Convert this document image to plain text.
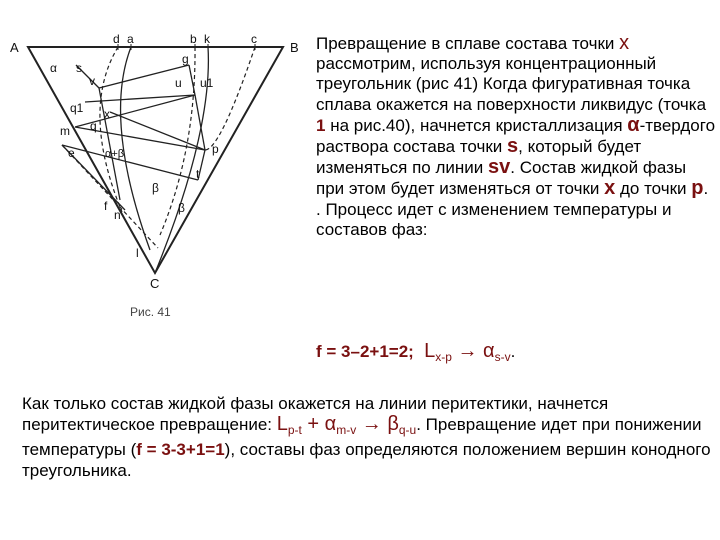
A	B
C
d a	b k	c
α s
v
g
u u1
q1 x
m q
e	α+β	p
t
β
f
n	β
l
Рис. 41

Превращение в сплаве состава точки x рассмотрим, используя концентрационный треугольник (рис 41) Когда фигуративная точка сплава окажется на поверхности ликвидус (точка 1 на рис.40), начнется кристаллизация α-твердого раствора состава точки s, который будет изменяться по линии sv. Состав жидкой фазы при этом будет изменяться от точки x до точки p. . Процесс идет с изменением температуры и составов фаз:

f = 3–2+1=2; $L_{x-p} \to \alpha_{s-v}$.

Как только состав жидкой фазы окажется на линии перитектики, начнется перитектическое превращение: $L_{p-t} + \alpha_{m-v} \to \beta_{q-u}$. Превращение идет при понижении температуры (f = 3-3+1=1), составы фаз определяются положением вершин конодного треугольника.
